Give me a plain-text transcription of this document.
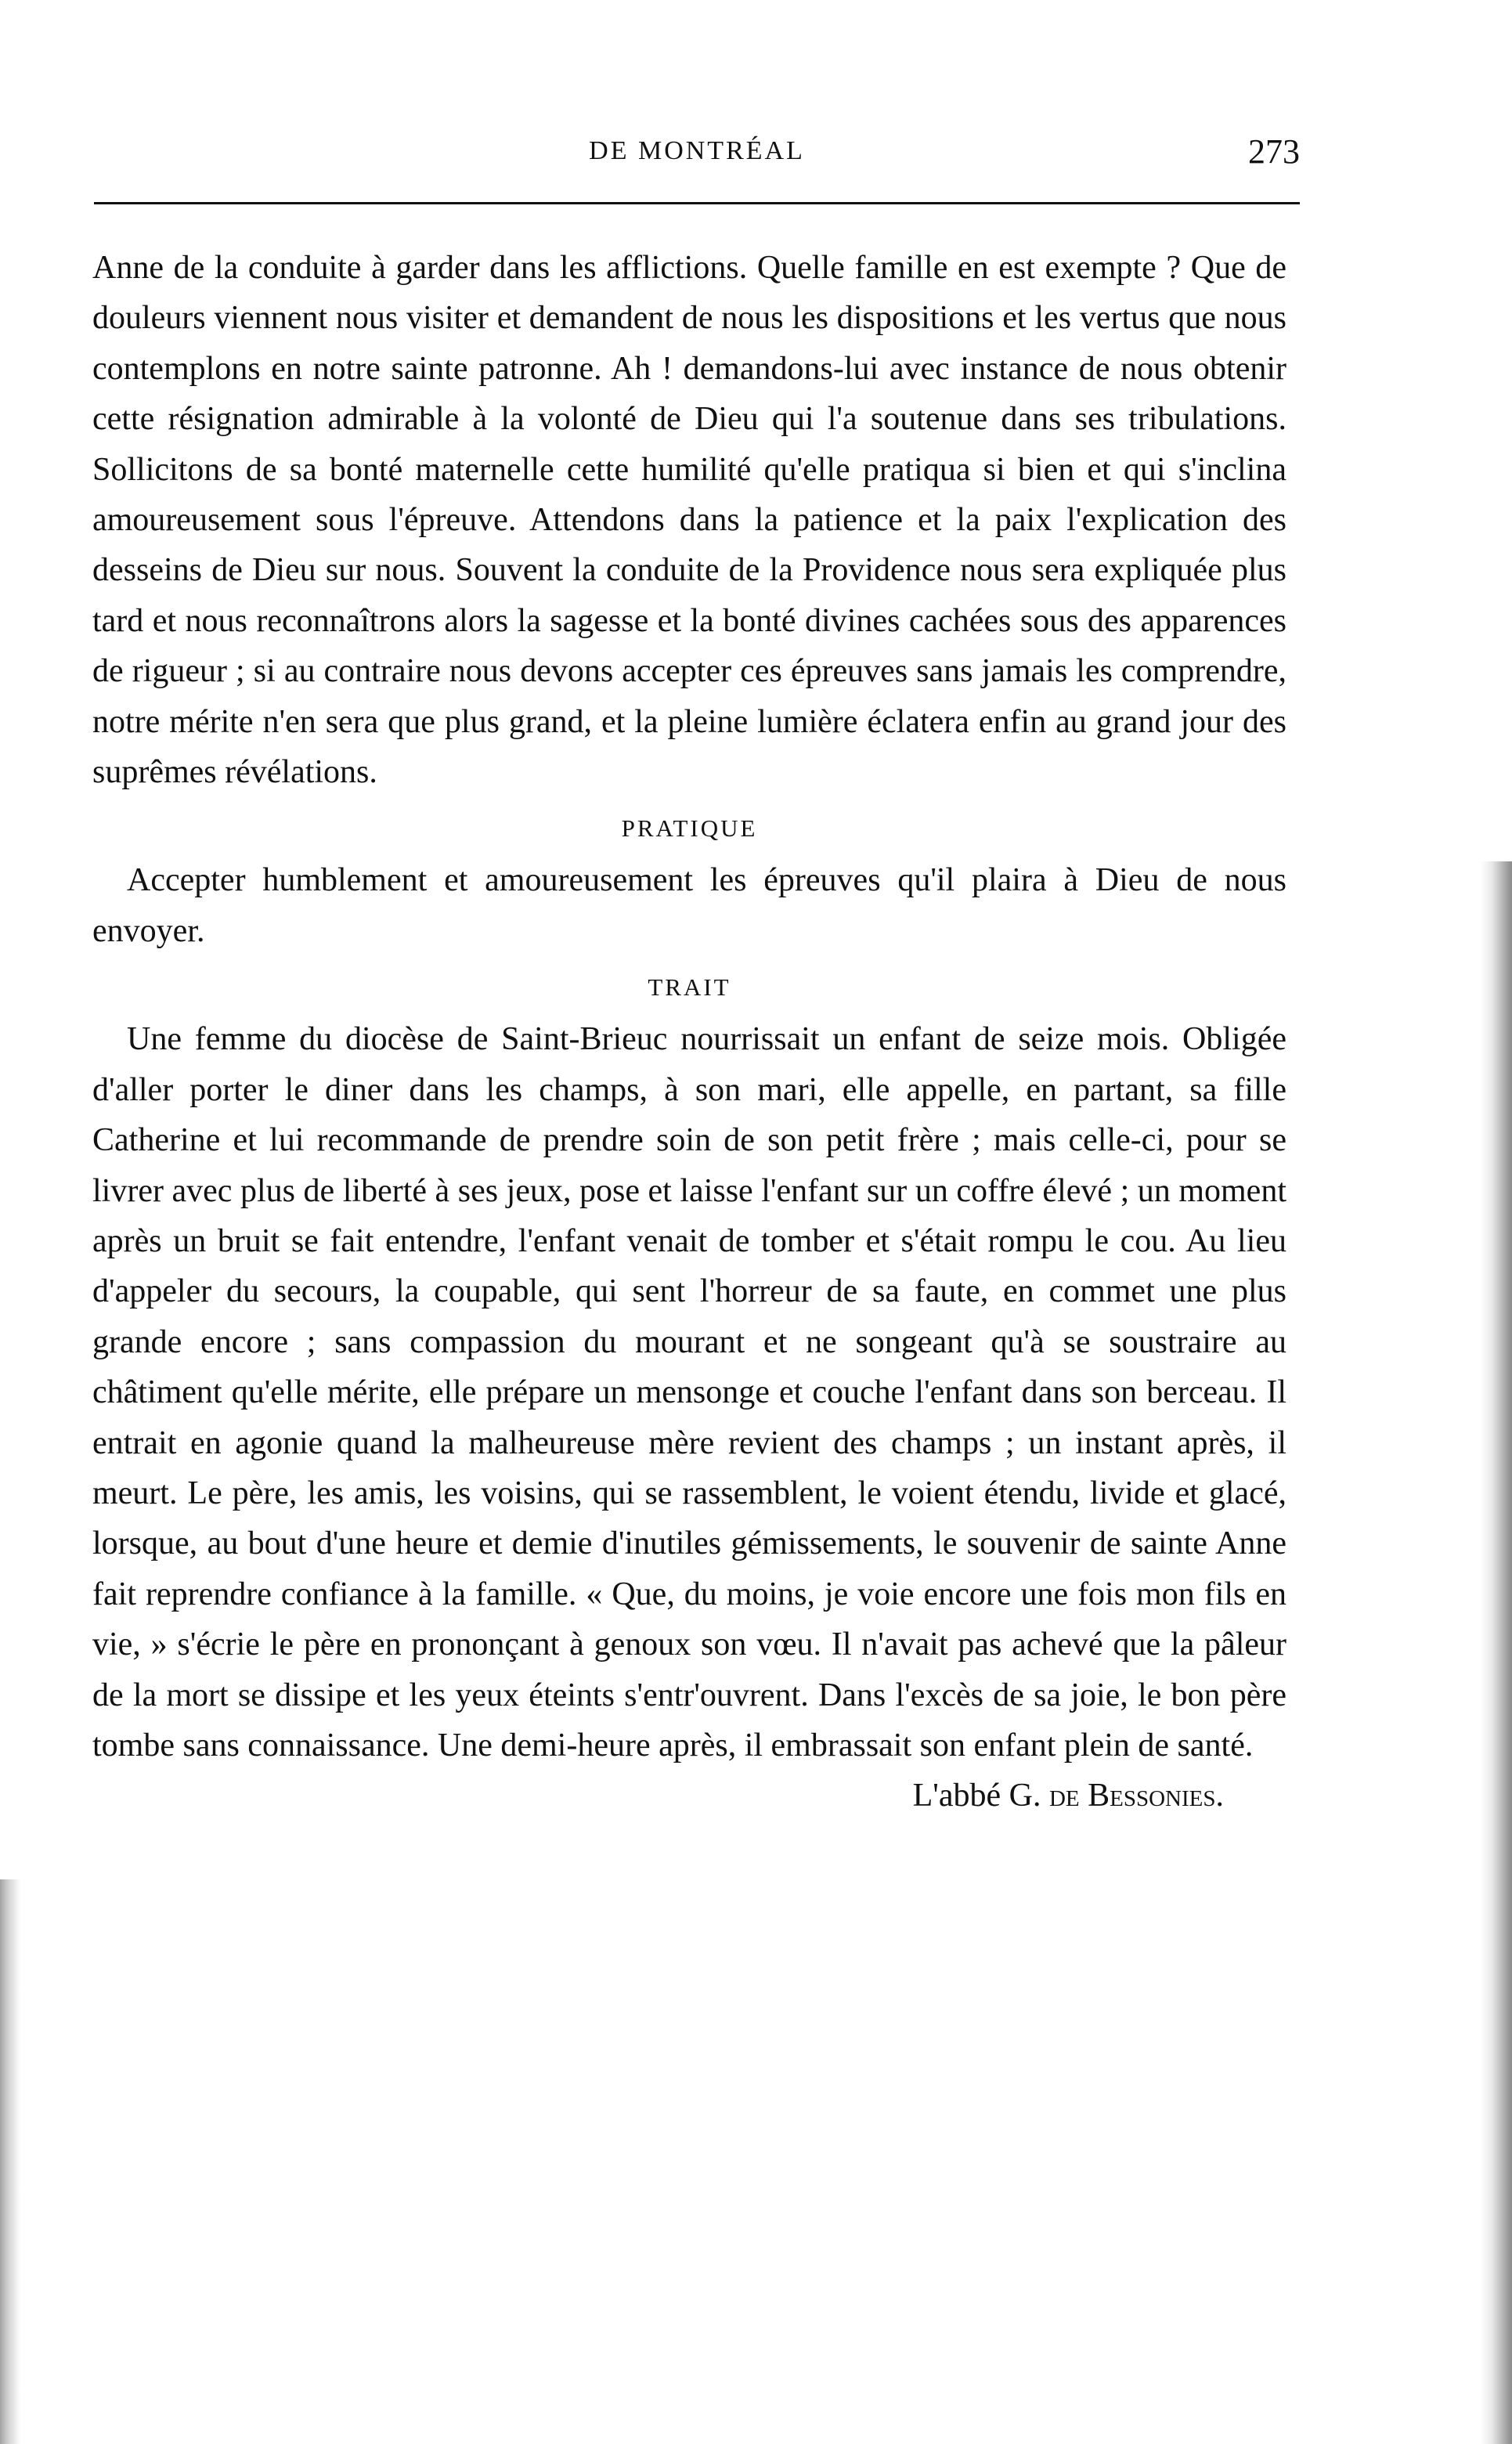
DE MONTRÉAL	273

Anne de la conduite à garder dans les afflictions. Quelle famille en est exempte ? Que de douleurs viennent nous visiter et demandent de nous les dispositions et les vertus que nous contemplons en notre sainte patronne. Ah ! demandons-lui avec instance de nous obtenir cette résignation admirable à la volonté de Dieu qui l'a soutenue dans ses tribulations. Sollicitons de sa bonté maternelle cette humilité qu'elle pratiqua si bien et qui s'inclina amoureusement sous l'épreuve. Attendons dans la patience et la paix l'explication des desseins de Dieu sur nous. Souvent la conduite de la Providence nous sera expliquée plus tard et nous reconnaîtrons alors la sagesse et la bonté divines cachées sous des apparences de rigueur ; si au contraire nous devons accepter ces épreuves sans jamais les comprendre, notre mérite n'en sera que plus grand, et la pleine lumière éclatera enfin au grand jour des suprêmes révélations.

PRATIQUE

Accepter humblement et amoureusement les épreuves qu'il plaira à Dieu de nous envoyer.

TRAIT

Une femme du diocèse de Saint-Brieuc nourrissait un enfant de seize mois. Obligée d'aller porter le diner dans les champs, à son mari, elle appelle, en partant, sa fille Catherine et lui recommande de prendre soin de son petit frère ; mais celle-ci, pour se livrer avec plus de liberté à ses jeux, pose et laisse l'enfant sur un coffre élevé ; un moment après un bruit se fait entendre, l'enfant venait de tomber et s'était rompu le cou. Au lieu d'appeler du secours, la coupable, qui sent l'horreur de sa faute, en commet une plus grande encore ; sans compassion du mourant et ne songeant qu'à se soustraire au châtiment qu'elle mérite, elle prépare un mensonge et couche l'enfant dans son berceau. Il entrait en agonie quand la malheureuse mère revient des champs ; un instant après, il meurt. Le père, les amis, les voisins, qui se rassemblent, le voient étendu, livide et glacé, lorsque, au bout d'une heure et demie d'inutiles gémissements, le souvenir de sainte Anne fait reprendre confiance à la famille. « Que, du moins, je voie encore une fois mon fils en vie, » s'écrie le père en prononçant à genoux son vœu. Il n'avait pas achevé que la pâleur de la mort se dissipe et les yeux éteints s'entr'ouvrent. Dans l'excès de sa joie, le bon père tombe sans connaissance. Une demi-heure après, il embrassait son enfant plein de santé.

L'abbé G. de Bessonies.
